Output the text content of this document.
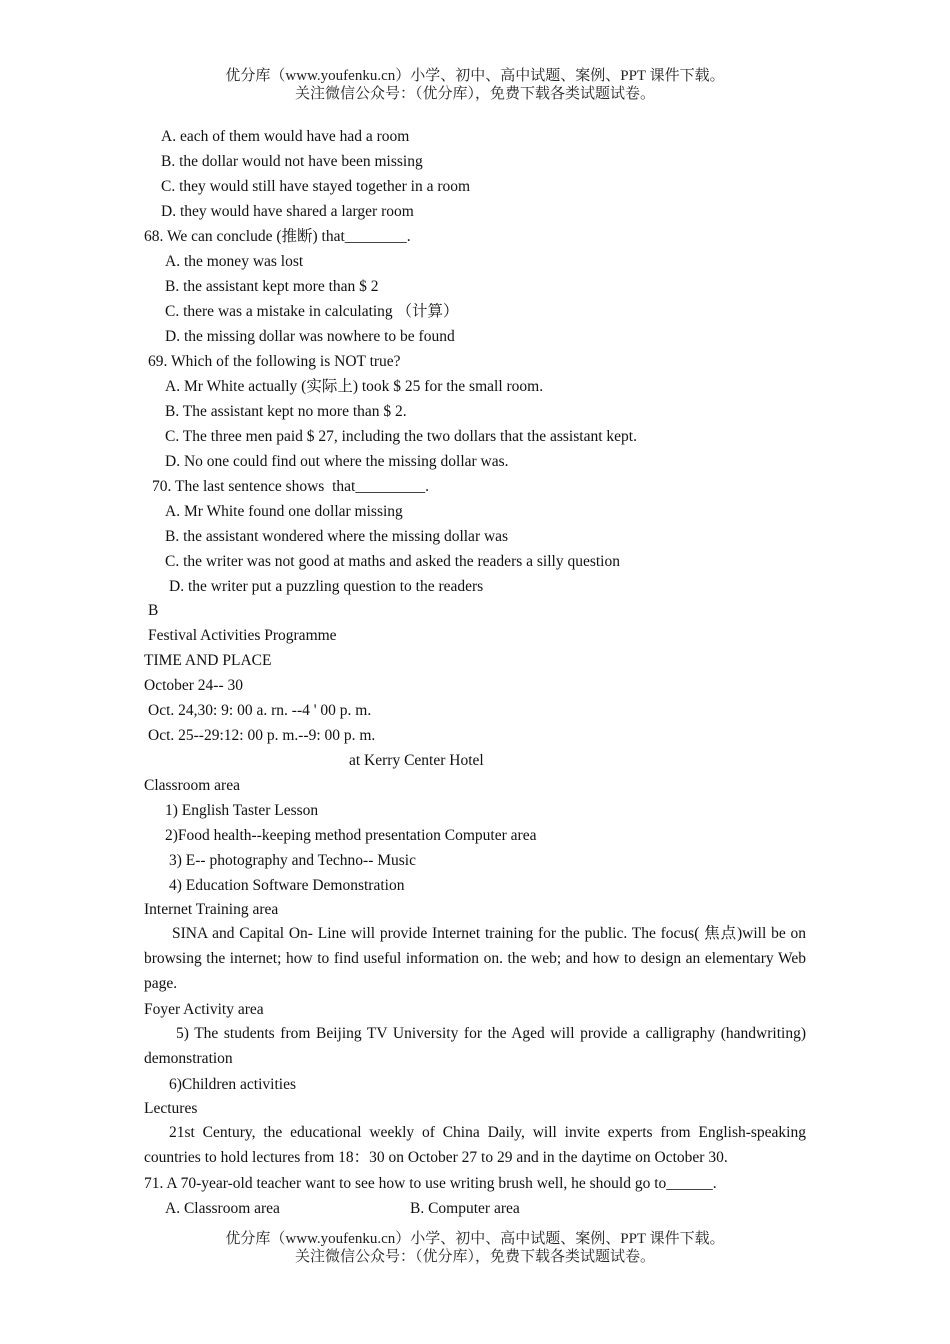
优分库（www.youfenku.cn）小学、初中、高中试题、案例、PPT 课件下载。
关注微信公众号：（优分库），免费下载各类试题试卷。
A. each of them would have had a room
B. the dollar would not have been missing
C. they would still have stayed together in a room
D. they would have shared a larger room
68. We can conclude (推断) that________.
A. the money was lost
B. the assistant kept more than $ 2
C. there was a mistake in calculating （计算）
D. the missing dollar was nowhere to be found
69. Which of the following is NOT true?
A. Mr White actually (实际上) took $ 25 for the small room.
B. The assistant kept no more than $ 2.
C. The three men paid $ 27, including the two dollars that the assistant kept.
D. No one could find out where the missing dollar was.
70. The last sentence shows  that_________.
A. Mr White found one dollar missing
B. the assistant wondered where the missing dollar was
C. the writer was not good at maths and asked the readers a silly question
D. the writer put a puzzling question to the readers
B
Festival Activities Programme
TIME AND PLACE
October 24-- 30
Oct. 24,30: 9: 00 a. rn. --4 ' 00 p. m.
Oct. 25--29:12: 00 p. m.--9: 00 p. m.
at Kerry Center Hotel
Classroom area
1) English Taster Lesson
2)Food health--keeping method presentation Computer area
3) E-- photography and Techno-- Music
4) Education Software Demonstration
Internet Training area
SINA and Capital On- Line will provide Internet training for the public. The focus( 焦点)will be on browsing the internet; how to find useful information on. the web; and how to design an elementary Web page.
Foyer Activity area
5) The students from Beijing TV University for the Aged will provide a calligraphy (handwriting) demonstration
6)Children activities
Lectures
21st Century, the educational weekly of China Daily, will invite experts from English-speaking countries to hold lectures from 18：30 on October 27 to 29 and in the daytime on October 30.
71. A 70-year-old teacher want to see how to use writing brush well, he should go to______.
A. Classroom area	B. Computer area
优分库（www.youfenku.cn）小学、初中、高中试题、案例、PPT 课件下载。
关注微信公众号：（优分库），免费下载各类试题试卷。
